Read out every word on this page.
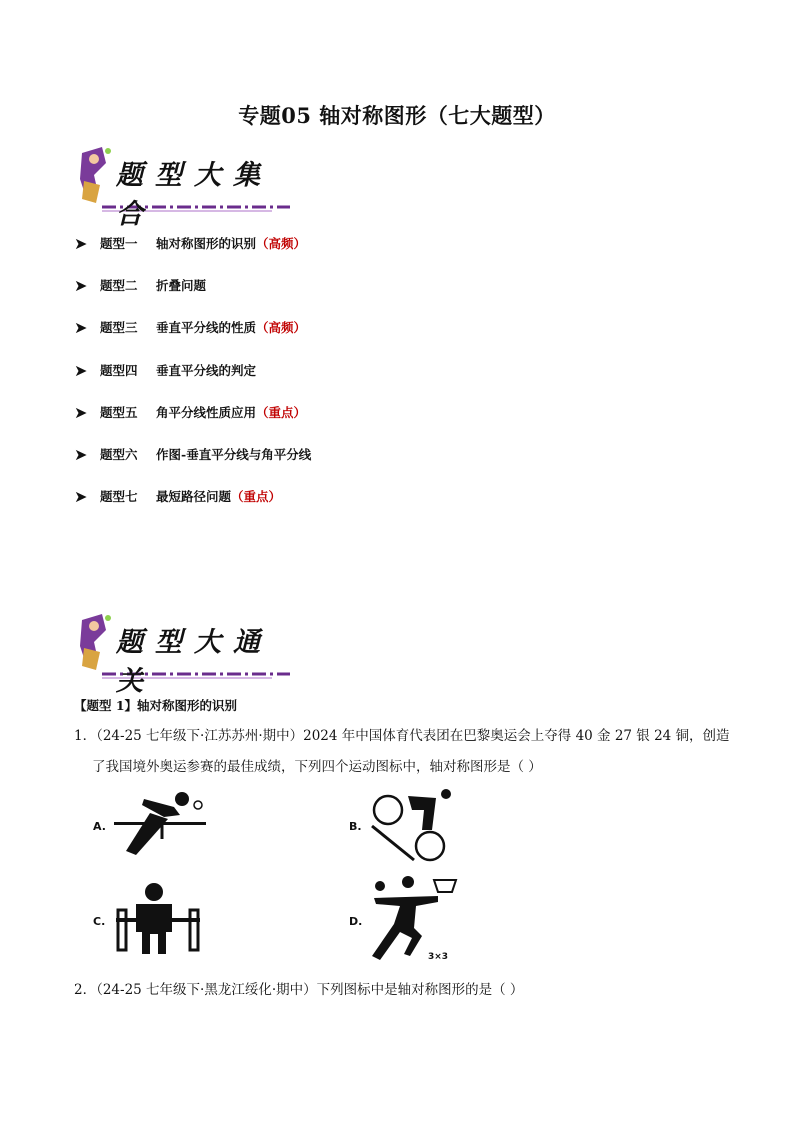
专题05 轴对称图形（七大题型）
题型大集合
➤	题型一	轴对称图形的识别 （高频）
➤	题型二	折叠问题
➤	题型三	垂直平分线的性质 （高频）
➤	题型四	垂直平分线的判定
➤	题型五	角平分线性质应用 （重点）
➤	题型六	作图-垂直平分线与角平分线
➤	题型七	最短路径问题 （重点）
题型大通关
【题型 1】轴对称图形的识别
1．（24-25 七年级下·江苏苏州·期中）2024 年中国体育代表团在巴黎奥运会上夺得 40 金 27 银 24 铜，创造
了我国境外奥运参赛的最佳成绩，下列四个运动图标中，轴对称图形是（ ）
A.	B.
C.	D.
3×3
2．（24-25 七年级下·黑龙江绥化·期中）下列图标中是轴对称图形的是（ ）
